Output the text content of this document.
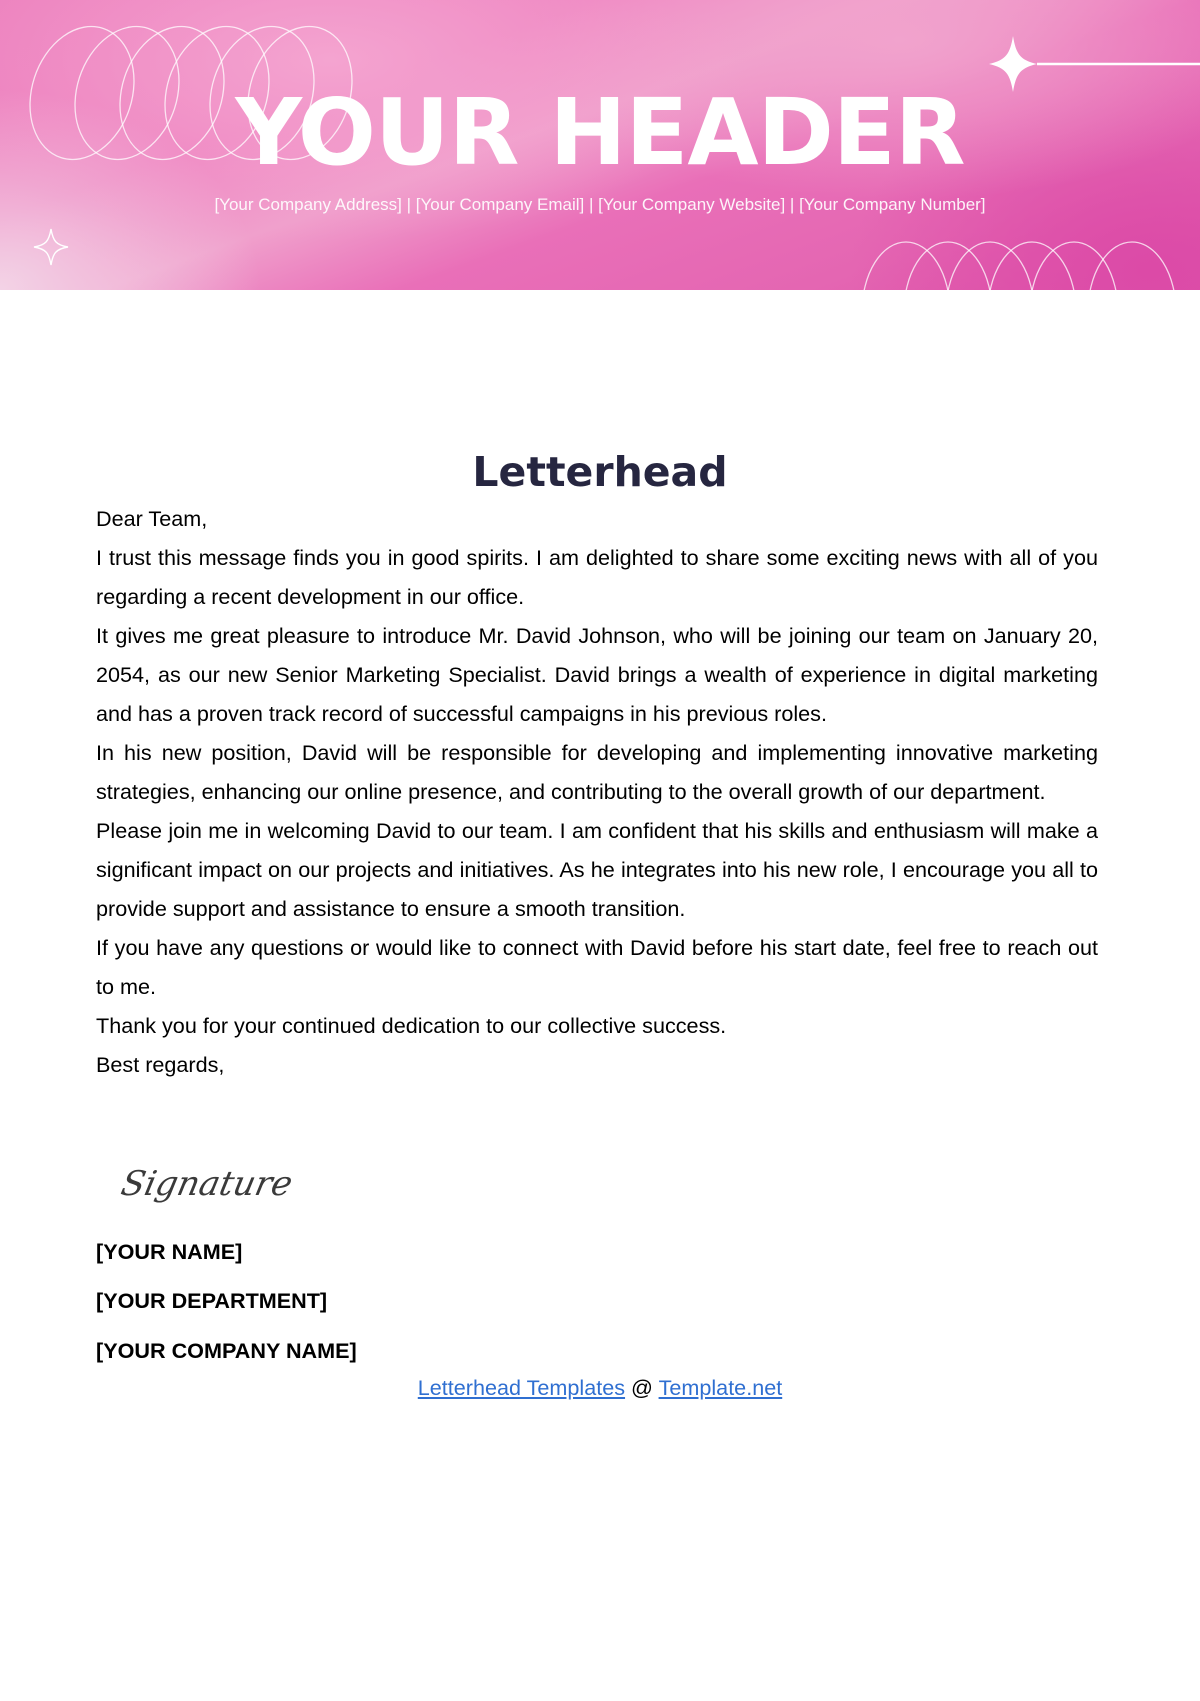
YOUR HEADER
[Your Company Address] | [Your Company Email] | [Your Company Website] | [Your Company Number]
Letterhead

Dear Team,

I trust this message finds you in good spirits. I am delighted to share some exciting news with all of you regarding a recent development in our office.

It gives me great pleasure to introduce Mr. David Johnson, who will be joining our team on January 20, 2054, as our new Senior Marketing Specialist. David brings a wealth of experience in digital marketing and has a proven track record of successful campaigns in his previous roles.

In his new position, David will be responsible for developing and implementing innovative marketing strategies, enhancing our online presence, and contributing to the overall growth of our department.

Please join me in welcoming David to our team. I am confident that his skills and enthusiasm will make a significant impact on our projects and initiatives. As he integrates into his new role, I encourage you all to provide support and assistance to ensure a smooth transition.

If you have any questions or would like to connect with David before his start date, feel free to reach out to me.

Thank you for your continued dedication to our collective success.

Best regards,

Signature
[YOUR NAME]
[YOUR DEPARTMENT]
[YOUR COMPANY NAME]
Letterhead Templates @ Template.net
